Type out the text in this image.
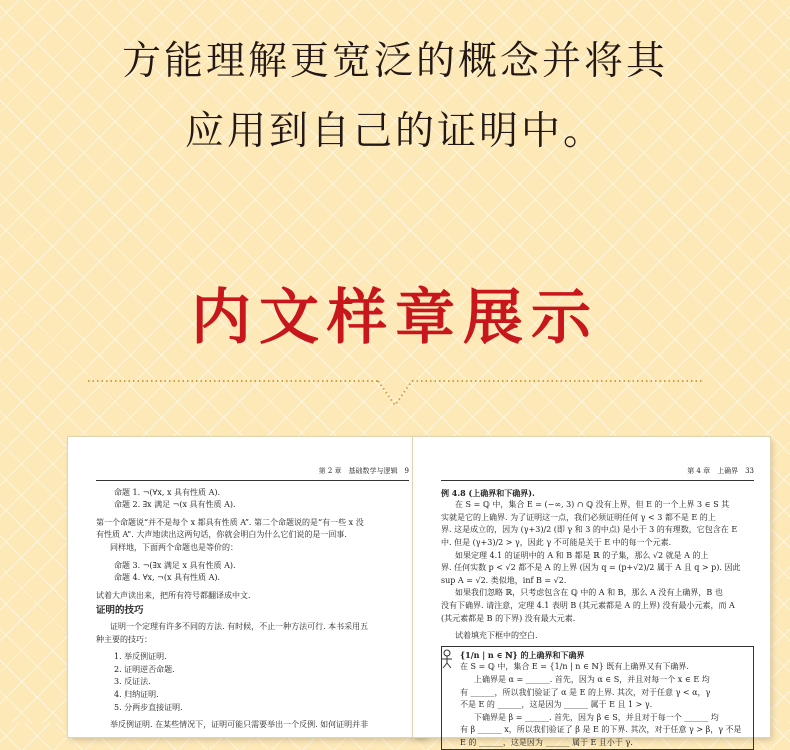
方能理解更宽泛的概念并将其
应用到自己的证明中。
内文样章展示
第 2 章　基础数学与逻辑　9
命题 1. ¬(∀x, x 具有性质 A).
命题 2. ∃x 满足 ¬(x 具有性质 A).
第一个命题说“并不是每个 x 都具有性质 A”. 第二个命题说的是“有一些 x 没
有性质 A”. 大声地读出这两句话，你就会明白为什么它们说的是一回事.
同样地，下面两个命题也是等价的：
命题 3. ¬(∃x 满足 x 具有性质 A).
命题 4. ∀x, ¬(x 具有性质 A).
试着大声读出来，把所有符号都翻译成中文.
证明的技巧
证明一个定理有许多不同的方法. 有时候，不止一种方法可行. 本书采用五
种主要的技巧：
1. 举反例证明.
2. 证明逆否命题.
3. 反证法.
4. 归纳证明.
5. 分两步直接证明.
举反例证明. 在某些情况下，证明可能只需要举出一个反例. 如何证明并非
第 4 章　上确界　33
例 4.8 (上确界和下确界).
在 S = ℚ 中，集合 E = (−∞, 3) ∩ ℚ 没有上界，但 E 的一个上界 3 ∈ S 其
实就是它的上确界. 为了证明这一点，我们必须证明任何 γ < 3 都不是 E 的上
界. 这是成立的，因为 (γ+3)/2 (即 γ 和 3 的中点) 是小于 3 的有理数，它包含在 E
中. 但是 (γ+3)/2 > γ，因此 γ 不可能是关于 E 中的每一个元素.
如果定理 4.1 的证明中的 A 和 B 都是 ℝ 的子集，那么 √2 就是 A 的上
界. 任何实数 p < √2 都不是 A 的上界 (因为 q = (p+√2)/2 属于 A 且 q > p). 因此
sup A = √2. 类似地，inf B = √2.
如果我们忽略 ℝ，只考虑包含在 ℚ 中的 A 和 B，那么 A 没有上确界，B 也
没有下确界. 请注意，定理 4.1 表明 B (其元素都是 A 的上界) 没有最小元素，而 A
(其元素都是 B 的下界) 没有最大元素.
试着填充下框中的空白.
{1/n | n ∈ ℕ} 的上确界和下确界
在 S = ℚ 中，集合 E = {1/n | n ∈ ℕ} 既有上确界又有下确界.
上确界是 α = ______. 首先，因为 α ∈ S，并且对每一个 x ∈ E 均
有 ______，所以我们验证了 α 是 E 的上界. 其次，对于任意 γ < α，γ
不是 E 的 ______，这是因为 ______ 属于 E 且 1 > γ.
下确界是 β = ______. 首先，因为 β ∈ S，并且对于每一个 ______ 均
有 β ______ x，所以我们验证了 β 是 E 的下界. 其次，对于任意 γ > β，γ 不是
E 的 ______，这是因为 ______ 属于 E 且小于 γ.
